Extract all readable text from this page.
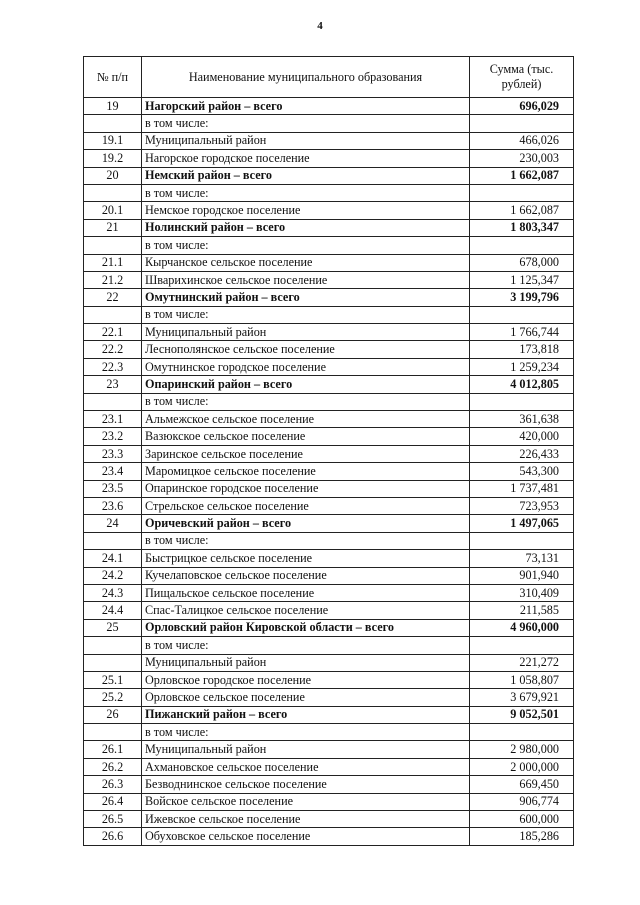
4
№ п/п	Наименование муниципального образования	Сумма (тыс. рублей)
19	Нагорский район – всего	696,029
	в том числе:	
19.1	Муниципальный район	466,026
19.2	Нагорское городское поселение	230,003
20	Немский район – всего	1 662,087
	в том числе:	
20.1	Немское городское поселение	1 662,087
21	Нолинский район – всего	1 803,347
	в том числе:	
21.1	Кырчанское сельское поселение	678,000
21.2	Шварихинское сельское поселение	1 125,347
22	Омутнинский район – всего	3 199,796
	в том числе:	
22.1	Муниципальный район	1 766,744
22.2	Леснополянское сельское поселение	173,818
22.3	Омутнинское городское поселение	1 259,234
23	Опаринский район – всего	4 012,805
	в том числе:	
23.1	Альмежское сельское поселение	361,638
23.2	Вазюкское сельское поселение	420,000
23.3	Заринское сельское поселение	226,433
23.4	Маромицкое сельское поселение	543,300
23.5	Опаринское городское поселение	1 737,481
23.6	Стрельское сельское поселение	723,953
24	Оричевский район – всего	1 497,065
	в том числе:	
24.1	Быстрицкое сельское поселение	73,131
24.2	Кучелаповское сельское поселение	901,940
24.3	Пищальское сельское поселение	310,409
24.4	Спас-Талицкое сельское поселение	211,585
25	Орловский район Кировской области – всего	4 960,000
	в том числе:	
	Муниципальный район	221,272
25.1	Орловское городское поселение	1 058,807
25.2	Орловское сельское поселение	3 679,921
26	Пижанский район – всего	9 052,501
	в том числе:	
26.1	Муниципальный район	2 980,000
26.2	Ахмановское сельское поселение	2 000,000
26.3	Безводнинское сельское поселение	669,450
26.4	Войское сельское поселение	906,774
26.5	Ижевское сельское поселение	600,000
26.6	Обуховское сельское поселение	185,286
